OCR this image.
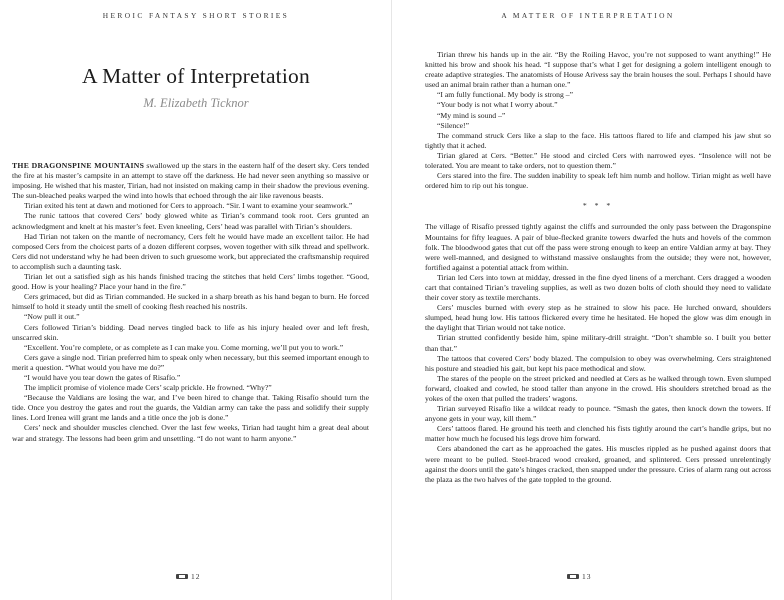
HEROIC FANTASY SHORT STORIES
A Matter of Interpretation
M. Elizabeth Ticknor

THE DRAGONSPINE MOUNTAINS swallowed up the stars in the eastern half of the desert sky. Cers tended the fire at his master’s campsite in an attempt to stave off the darkness. He had never seen anything so massive or imposing. He wished that his master, Tirian, had not insisted on making camp in their shadow the previous evening. The sun-bleached peaks warped the wind into howls that echoed through the air like ravenous beasts.

Tirian exited his tent at dawn and motioned for Cers to approach. “Sir. I want to examine your seamwork.”

The runic tattoos that covered Cers’ body glowed white as Tirian’s command took root. Cers grunted an acknowledgment and knelt at his master’s feet. Even kneeling, Cers’ head was parallel with Tirian’s shoulders.

Had Tirian not taken on the mantle of necromancy, Cers felt he would have made an excellent tailor. He had composed Cers from the choicest parts of a dozen different corpses, woven together with silk thread and spellwork. Cers did not understand why he had been driven to such gruesome work, but appreciated the craftsmanship required to accomplish such a daunting task.

Tirian let out a satisfied sigh as his hands finished tracing the stitches that held Cers’ limbs together. “Good, good. How is your healing? Place your hand in the fire.”

Cers grimaced, but did as Tirian commanded. He sucked in a sharp breath as his hand began to burn. He forced himself to hold it steady until the smell of cooking flesh reached his nostrils.

“Now pull it out.”

Cers followed Tirian’s bidding. Dead nerves tingled back to life as his injury healed over and left fresh, unscarred skin.

“Excellent. You’re complete, or as complete as I can make you. Come morning, we’ll put you to work.”

Cers gave a single nod. Tirian preferred him to speak only when necessary, but this seemed important enough to merit a question. “What would you have me do?”

“I would have you tear down the gates of Risafío.”

The implicit promise of violence made Cers’ scalp prickle. He frowned. “Why?”

“Because the Valdians are losing the war, and I’ve been hired to change that. Taking Risafío should turn the tide. Once you destroy the gates and rout the guards, the Valdian army can take the pass and solidify their supply lines. Lord Irenea will grant me lands and a title once the job is done.”

Cers’ neck and shoulder muscles clenched. Over the last few weeks, Tirian had taught him a great deal about war and strategy. The lessons had been grim and unsettling. “I do not want to harm anyone.”

12
A MATTER OF INTERPRETATION

Tirian threw his hands up in the air. “By the Roiling Havoc, you’re not supposed to want anything!” He knitted his brow and shook his head. “I suppose that’s what I get for designing a golem intelligent enough to create adaptive strategies. The anatomists of House Arivess say the brain houses the soul. Perhaps I should have used an animal brain rather than a human one.”

“I am fully functional. My body is strong –”

“Your body is not what I worry about.”

“My mind is sound –”

“Silence!”

The command struck Cers like a slap to the face. His tattoos flared to life and clamped his jaw shut so tightly that it ached.

Tirian glared at Cers. “Better.” He stood and circled Cers with narrowed eyes. “Insolence will not be tolerated. You are meant to take orders, not to question them.”

Cers stared into the fire. The sudden inability to speak left him numb and hollow. Tirian might as well have ordered him to rip out his tongue.

* * *

The village of Risafío pressed tightly against the cliffs and surrounded the only pass between the Dragonspine Mountains for fifty leagues. A pair of blue-flecked granite towers dwarfed the huts and hovels of the common folk. The bloodwood gates that cut off the pass were strong enough to keep an entire Valdian army at bay. They were well-manned, and designed to withstand massive onslaughts from the outside; they were not, however, fortified against a potential attack from within.

Tirian led Cers into town at midday, dressed in the fine dyed linens of a merchant. Cers dragged a wooden cart that contained Tirian’s traveling supplies, as well as two dozen bolts of cloth should they need to validate their cover story as textile merchants.

Cers’ muscles burned with every step as he strained to slow his pace. He lurched onward, shoulders slumped, head hung low. His tattoos flickered every time he hesitated. He hoped the glow was dim enough in the daylight that Tirian would not take notice.

Tirian strutted confidently beside him, spine military-drill straight. “Don’t shamble so. I built you better than that.”

The tattoos that covered Cers’ body blazed. The compulsion to obey was overwhelming. Cers straightened his posture and steadied his gait, but kept his pace methodical and slow.

The stares of the people on the street pricked and needled at Cers as he walked through town. Even slumped forward, cloaked and cowled, he stood taller than anyone in the crowd. His shoulders stretched broad as the yokes of the oxen that pulled the traders’ wagons.

Tirian surveyed Risafío like a wildcat ready to pounce. “Smash the gates, then knock down the towers. If anyone gets in your way, kill them.”

Cers’ tattoos flared. He ground his teeth and clenched his fists tightly around the cart’s handle grips, but no matter how much he focused his legs drove him forward.

Cers abandoned the cart as he approached the gates. His muscles rippled as he pushed against doors that were meant to be pulled. Steel-braced wood creaked, groaned, and splintered. Cers pressed unrelentingly against the doors until the gate’s hinges cracked, then snapped under the pressure. Cries of alarm rang out across the plaza as the two halves of the gate toppled to the ground.

13
